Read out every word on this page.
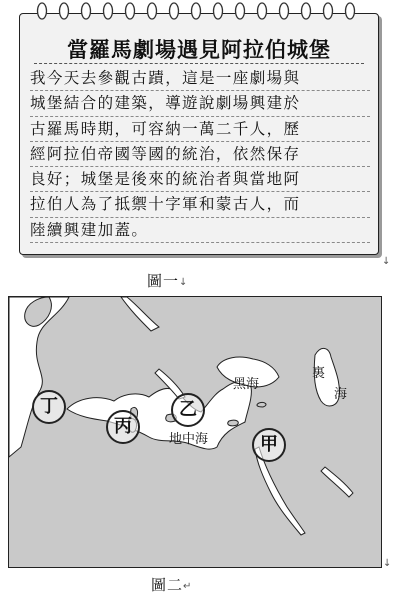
當羅馬劇場遇見阿拉伯城堡
我今天去參觀古蹟，這是一座劇場與
城堡結合的建築，導遊說劇場興建於
古羅馬時期，可容納一萬二千人，歷
經阿拉伯帝國等國的統治，依然保存
良好；城堡是後來的統治者與當地阿
拉伯人為了抵禦十字軍和蒙古人，而
陸續興建加蓋。
↓
圖一↓
黑海
裏
海
地中海
丁
丙
乙
甲
↓
圖二↵
